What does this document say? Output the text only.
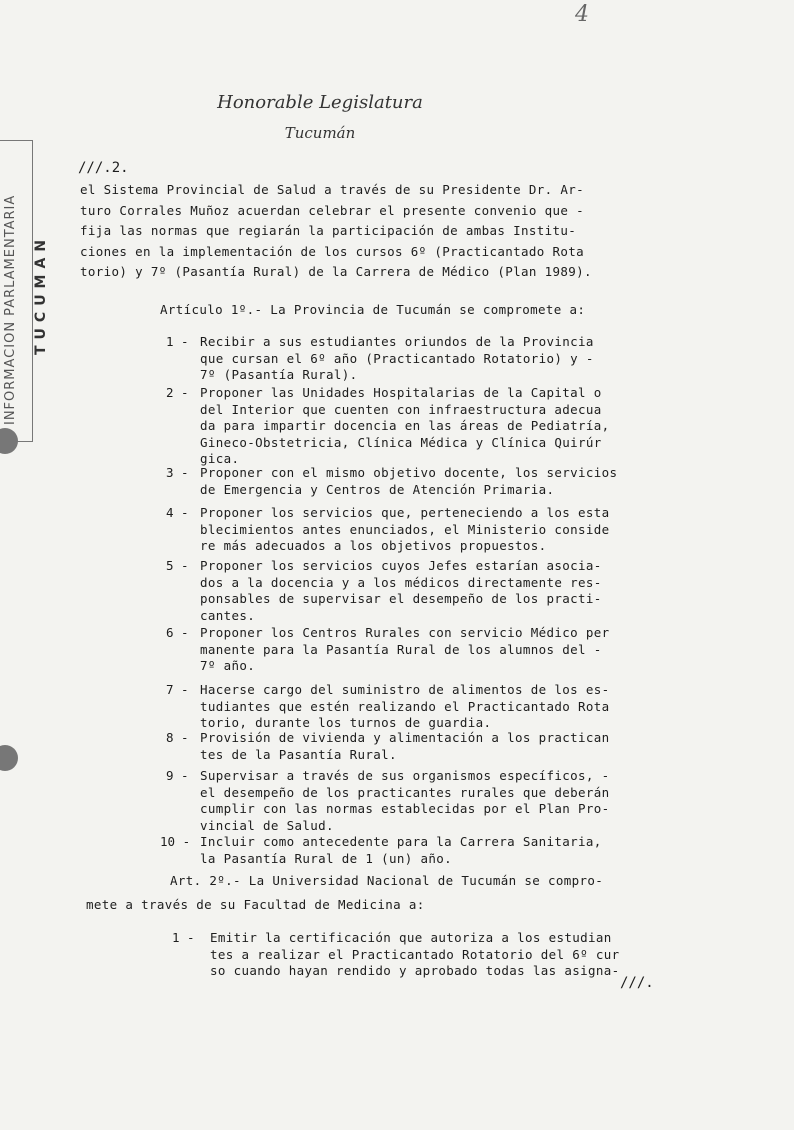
INFORMACION PARLAMENTARIA TUCUMAN
4
Honorable Legislatura
Tucumán
///.2.
el Sistema Provincial de Salud a través de su Presidente Dr. Ar-
turo Corrales Muñoz acuerdan celebrar el presente convenio que -
fija las normas que regiarán la participación de ambas Institu-
ciones en la implementación de los cursos 6º (Practicantado Rota
torio) y 7º (Pasantía Rural) de la Carrera de Médico (Plan 1989).
Artículo 1º.- La Provincia de Tucumán se compromete a:
1 - Recibir a sus estudiantes oriundos de la Provincia
que cursan el 6º año (Practicantado Rotatorio) y -
7º (Pasantía Rural).
2 - Proponer las Unidades Hospitalarias de la Capital o
del Interior que cuenten con infraestructura adecua
da para impartir docencia en las áreas de Pediatría,
Gineco-Obstetricia, Clínica Médica y Clínica Quirúr
gica.
3 - Proponer con el mismo objetivo docente, los servicios
de Emergencia y Centros de Atención Primaria.
4 - Proponer los servicios que, perteneciendo a los esta
blecimientos antes enunciados, el Ministerio conside
re más adecuados a los objetivos propuestos.
5 - Proponer los servicios cuyos Jefes estarían asocia-
dos a la docencia y a los médicos directamente res-
ponsables de supervisar el desempeño de los practi-
cantes.
6 - Proponer los Centros Rurales con servicio Médico per
manente para la Pasantía Rural de los alumnos del -
7º año.
7 - Hacerse cargo del suministro de alimentos de los es-
tudiantes que estén realizando el Practicantado Rota
torio, durante los turnos de guardia.
8 - Provisión de vivienda y alimentación a los practican
tes de la Pasantía Rural.
9 - Supervisar a través de sus organismos específicos, -
el desempeño de los practicantes rurales que deberán
cumplir con las normas establecidas por el Plan Pro-
vincial de Salud.
10 - Incluir como antecedente para la Carrera Sanitaria,
la Pasantía Rural de 1 (un) año.
Art. 2º.- La Universidad Nacional de Tucumán se compro-
mete a través de su Facultad de Medicina a:
1 - Emitir la certificación que autoriza a los estudian
tes a realizar el Practicantado Rotatorio del 6º cur
so cuando hayan rendido y aprobado todas las asigna-
///.
